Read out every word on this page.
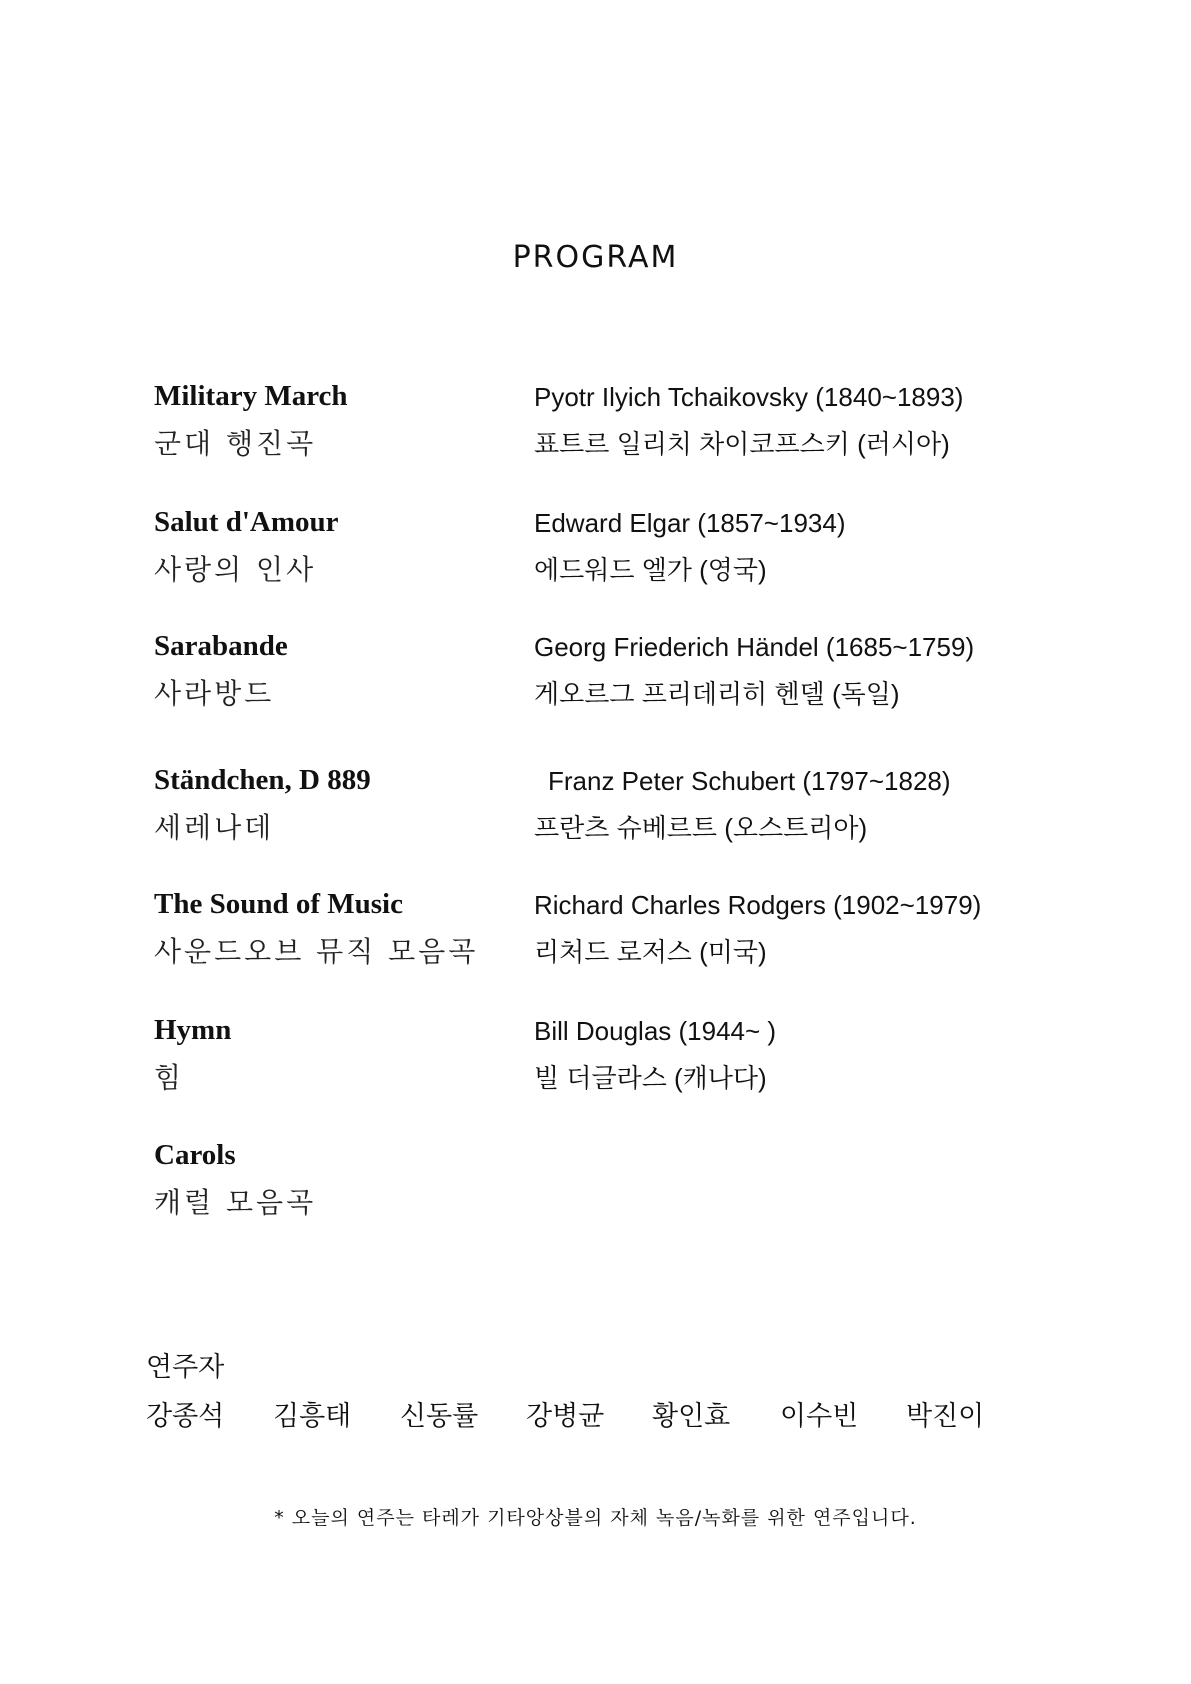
PROGRAM
Military March
군대 행진곡
Pyotr Ilyich Tchaikovsky (1840~1893)
표트르 일리치 차이코프스키 (러시아)
Salut d'Amour
사랑의 인사
Edward Elgar (1857~1934)
에드워드 엘가 (영국)
Sarabande
사라방드
Georg Friederich Händel (1685~1759)
게오르그 프리데리히 헨델 (독일)
Ständchen, D 889
세레나데
Franz Peter Schubert (1797~1828)
프란츠 슈베르트 (오스트리아)
The Sound of Music
사운드오브 뮤직 모음곡
Richard Charles Rodgers (1902~1979)
리처드 로저스 (미국)
Hymn
힘
Bill Douglas (1944~ )
빌 더글라스 (캐나다)
Carols
캐럴 모음곡
연주자
강종석 김흥태 신동률 강병균 황인효 이수빈 박진이
* 오늘의 연주는 타레가 기타앙상블의 자체 녹음/녹화를 위한 연주입니다.
